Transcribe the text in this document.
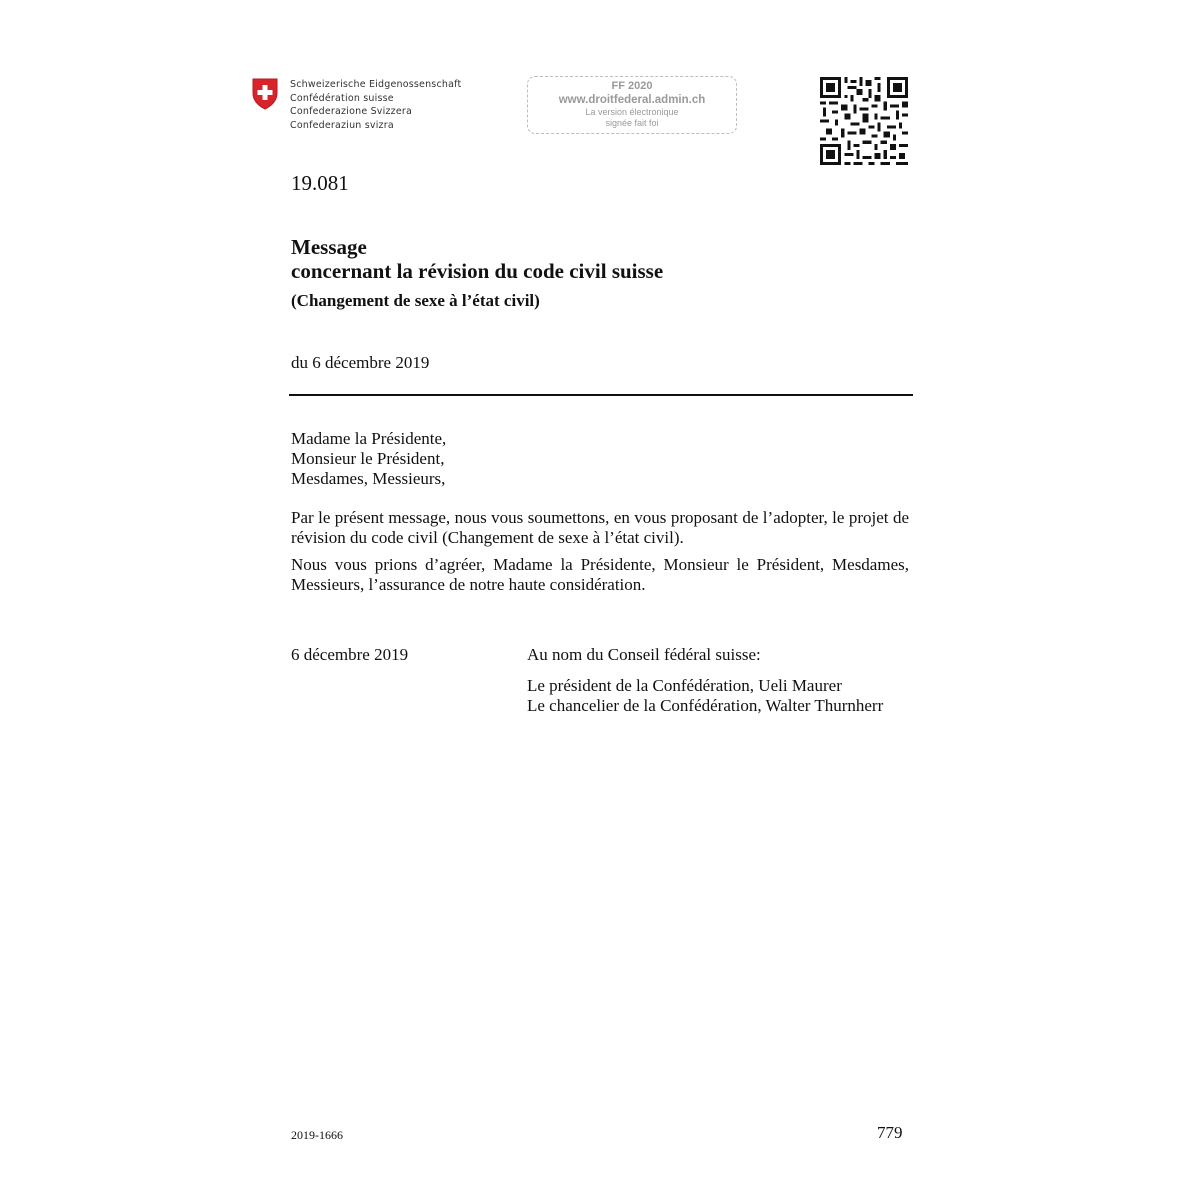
Schweizerische Eidgenossenschaft
Confédération suisse
Confederazione Svizzera
Confederaziun svizra
FF 2020
www.droitfederal.admin.ch
La version électronique
signée fait foi
19.081
Message
concernant la révision du code civil suisse
(Changement de sexe à l’état civil)
du 6 décembre 2019
Madame la Présidente,
Monsieur le Président,
Mesdames, Messieurs,
Par le présent message, nous vous soumettons, en vous proposant de l’adopter, le projet de révision du code civil (Changement de sexe à l’état civil).
Nous vous prions d’agréer, Madame la Présidente, Monsieur le Président, Mesdames, Messieurs, l’assurance de notre haute considération.
6 décembre 2019	Au nom du Conseil fédéral suisse:
Le président de la Confédération, Ueli Maurer
Le chancelier de la Confédération, Walter Thurnherr
2019-1666	779
